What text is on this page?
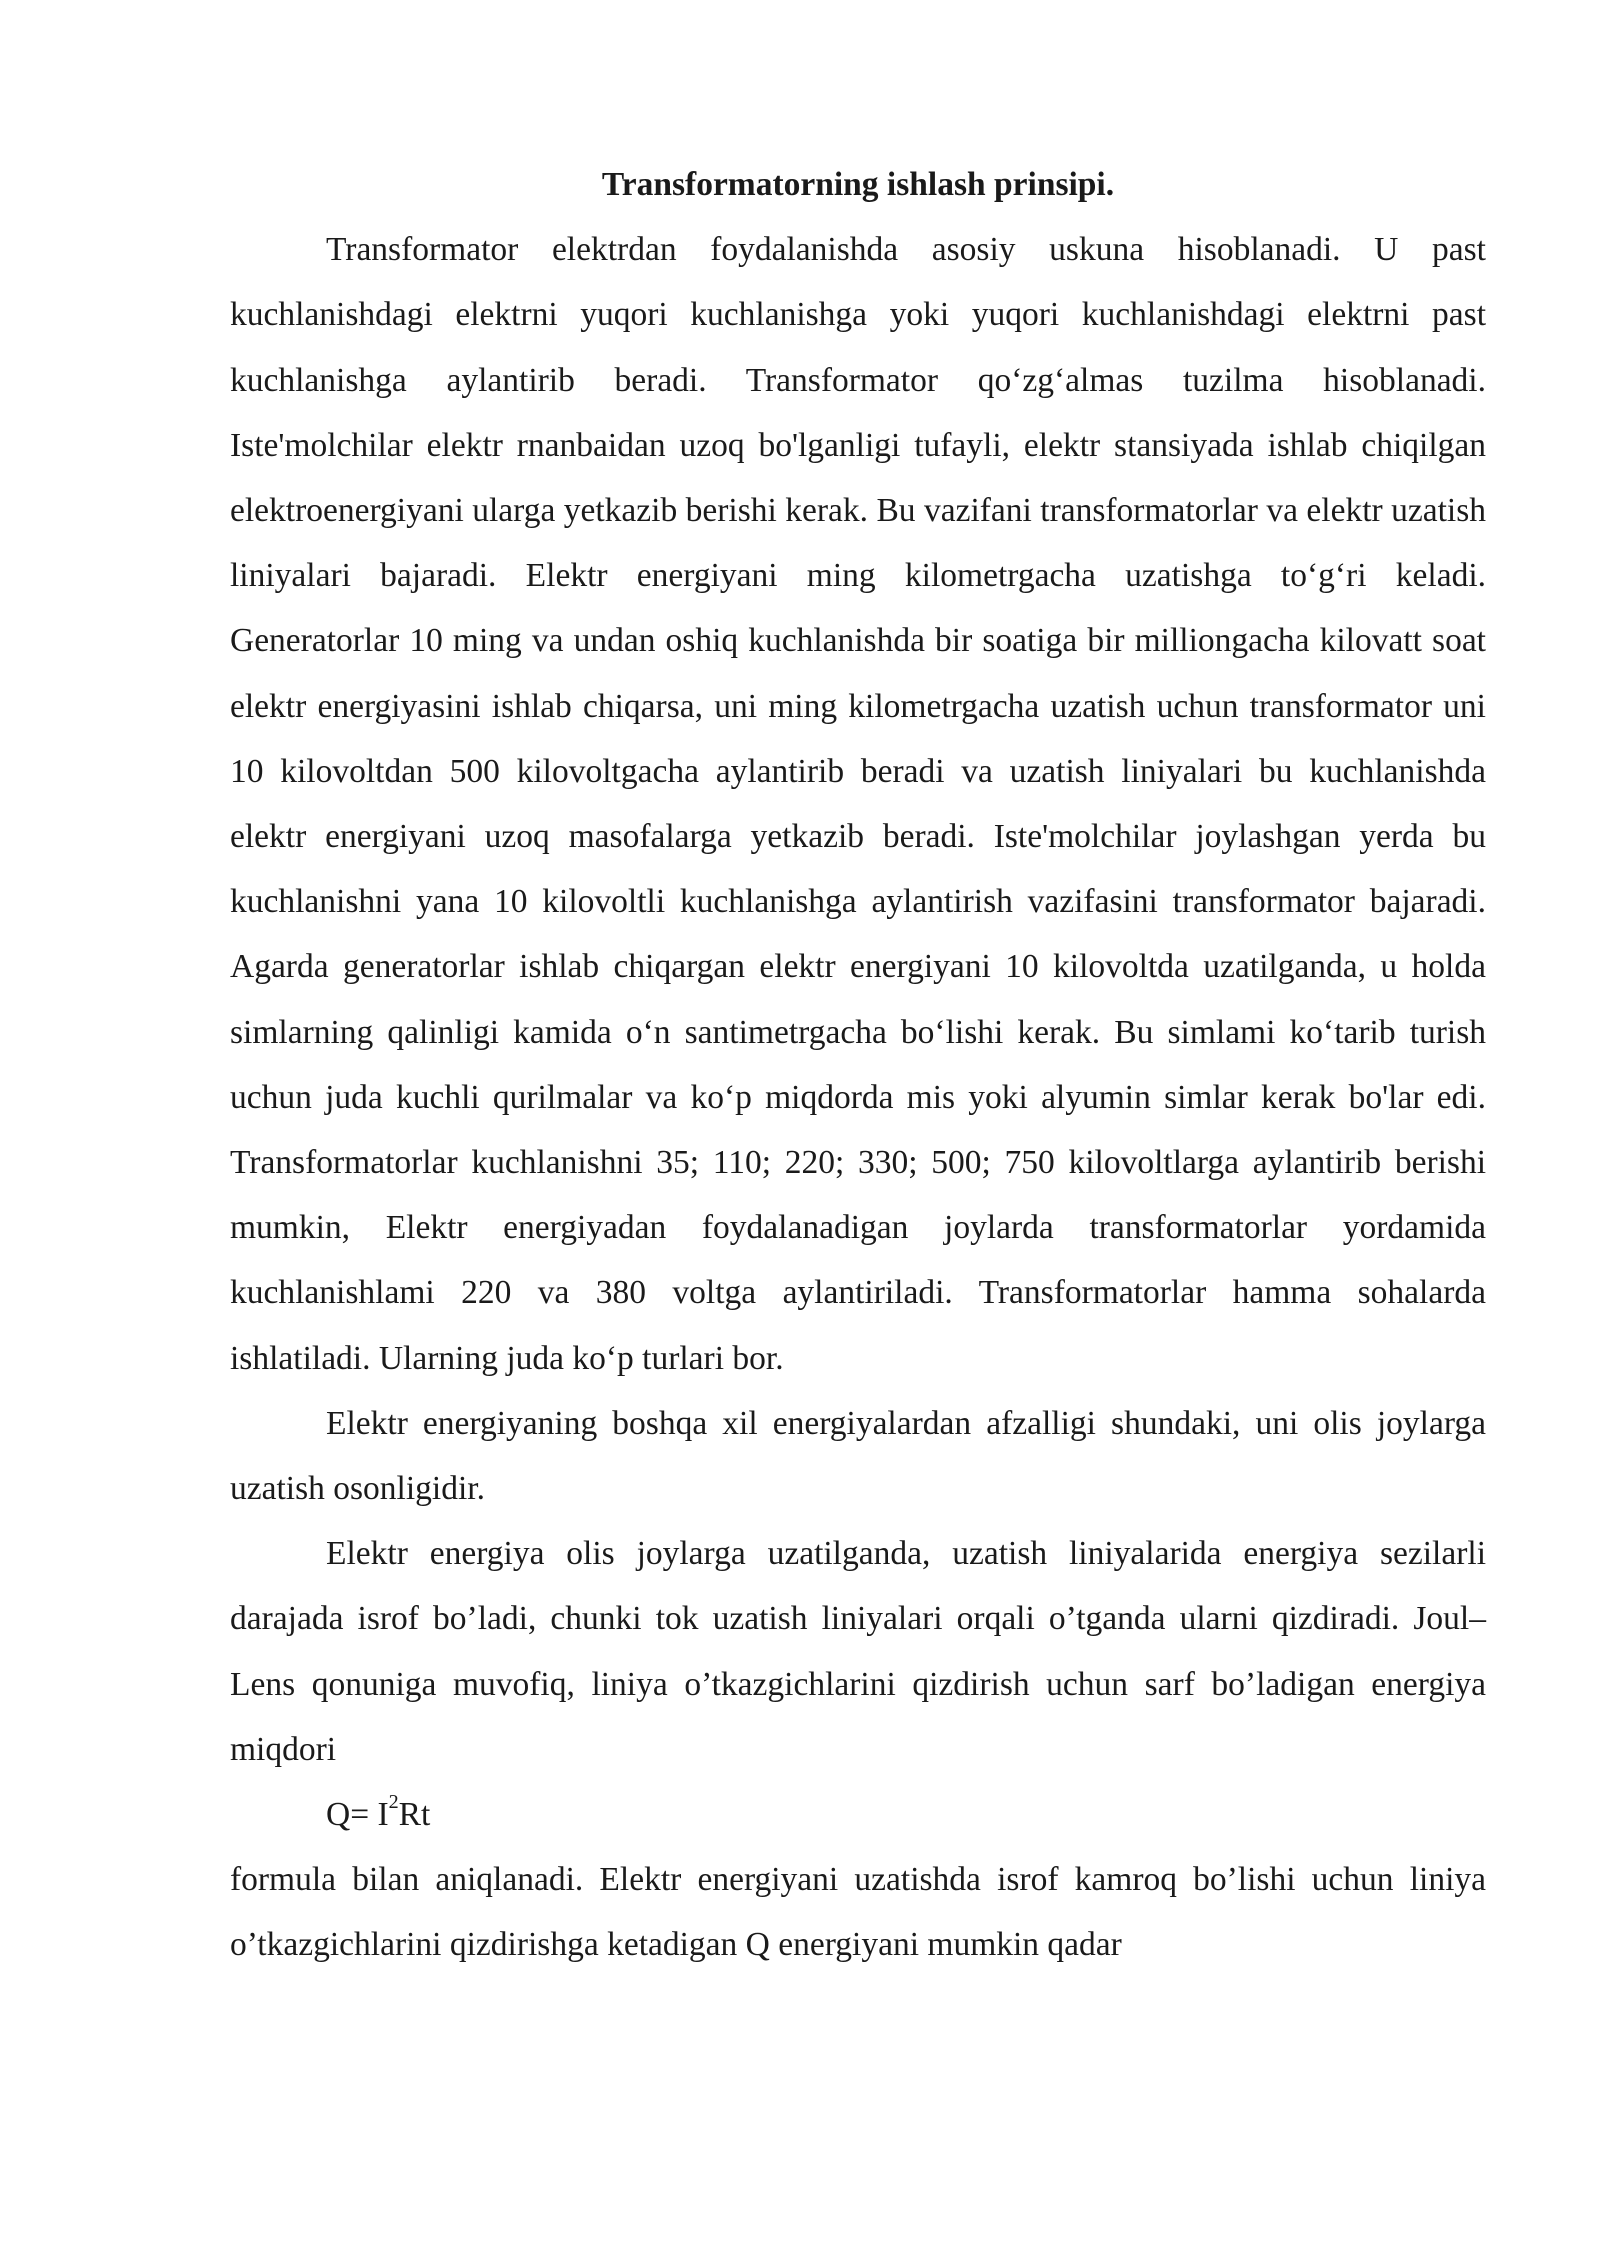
Transformatorning ishlash prinsipi.

Transformator elektrdan foydalanishda asosiy uskuna hisoblanadi. U past kuchlanishdagi elektrni yuqori kuchlanishga yoki yuqori kuchlanishdagi elektrni past kuchlanishga aylantirib beradi. Transformator qo‘zg‘almas tuzilma hisoblanadi. Iste'molchilar elektr rnanbaidan uzoq bo'lganligi tufayli, elektr stansiyada ishlab chiqilgan elektroenergiyani ularga yetkazib berishi kerak. Bu vazifani transformatorlar va elektr uzatish liniyalari bajaradi. Elektr energiyani ming kilometrgacha uzatishga to‘g‘ri keladi. Generatorlar 10 ming va undan oshiq kuchlanishda bir soatiga bir milliongacha kilovatt soat elektr energiyasini ishlab chiqarsa, uni ming kilometrgacha uzatish uchun transformator uni 10 kilovoltdan 500 kilovoltgacha aylantirib beradi va uzatish liniyalari bu kuchlanishda elektr energiyani uzoq masofalarga yetkazib beradi. Iste'molchilar joylashgan yerda bu kuchlanishni yana 10 kilovoltli kuchlanishga aylantirish vazifasini transformator bajaradi. Agarda generatorlar ishlab chiqargan elektr energiyani 10 kilovoltda uzatilganda, u holda simlarning qalinligi kamida o‘n santimetrgacha bo‘lishi kerak. Bu simlami ko‘tarib turish uchun juda kuchli qurilmalar va ko‘p miqdorda mis yoki alyumin simlar kerak bo'lar edi. Transformatorlar kuchlanishni 35; 110; 220; 330; 500; 750 kilovoltlarga aylantirib berishi mumkin, Elektr energiyadan foydalanadigan joylarda transformatorlar yordamida kuchlanishlami 220 va 380 voltga aylantiriladi. Transformatorlar hamma sohalarda ishlatiladi. Ularning juda ko‘p turlari bor.

Elektr energiyaning boshqa xil energiyalardan afzalligi shundaki, uni olis joylarga uzatish osonligidir.

Elektr energiya olis joylarga uzatilganda, uzatish liniyalarida energiya sezilarli darajada isrof bo’ladi, chunki tok uzatish liniyalari orqali o’tganda ularni qizdiradi. Joul–Lens qonuniga muvofiq, liniya o’tkazgichlarini qizdirish uchun sarf bo’ladigan energiya miqdori

$Q= I^2Rt$

formula bilan aniqlanadi. Elektr energiyani uzatishda isrof kamroq bo’lishi uchun liniya o’tkazgichlarini qizdirishga ketadigan Q energiyani mumkin qadar
